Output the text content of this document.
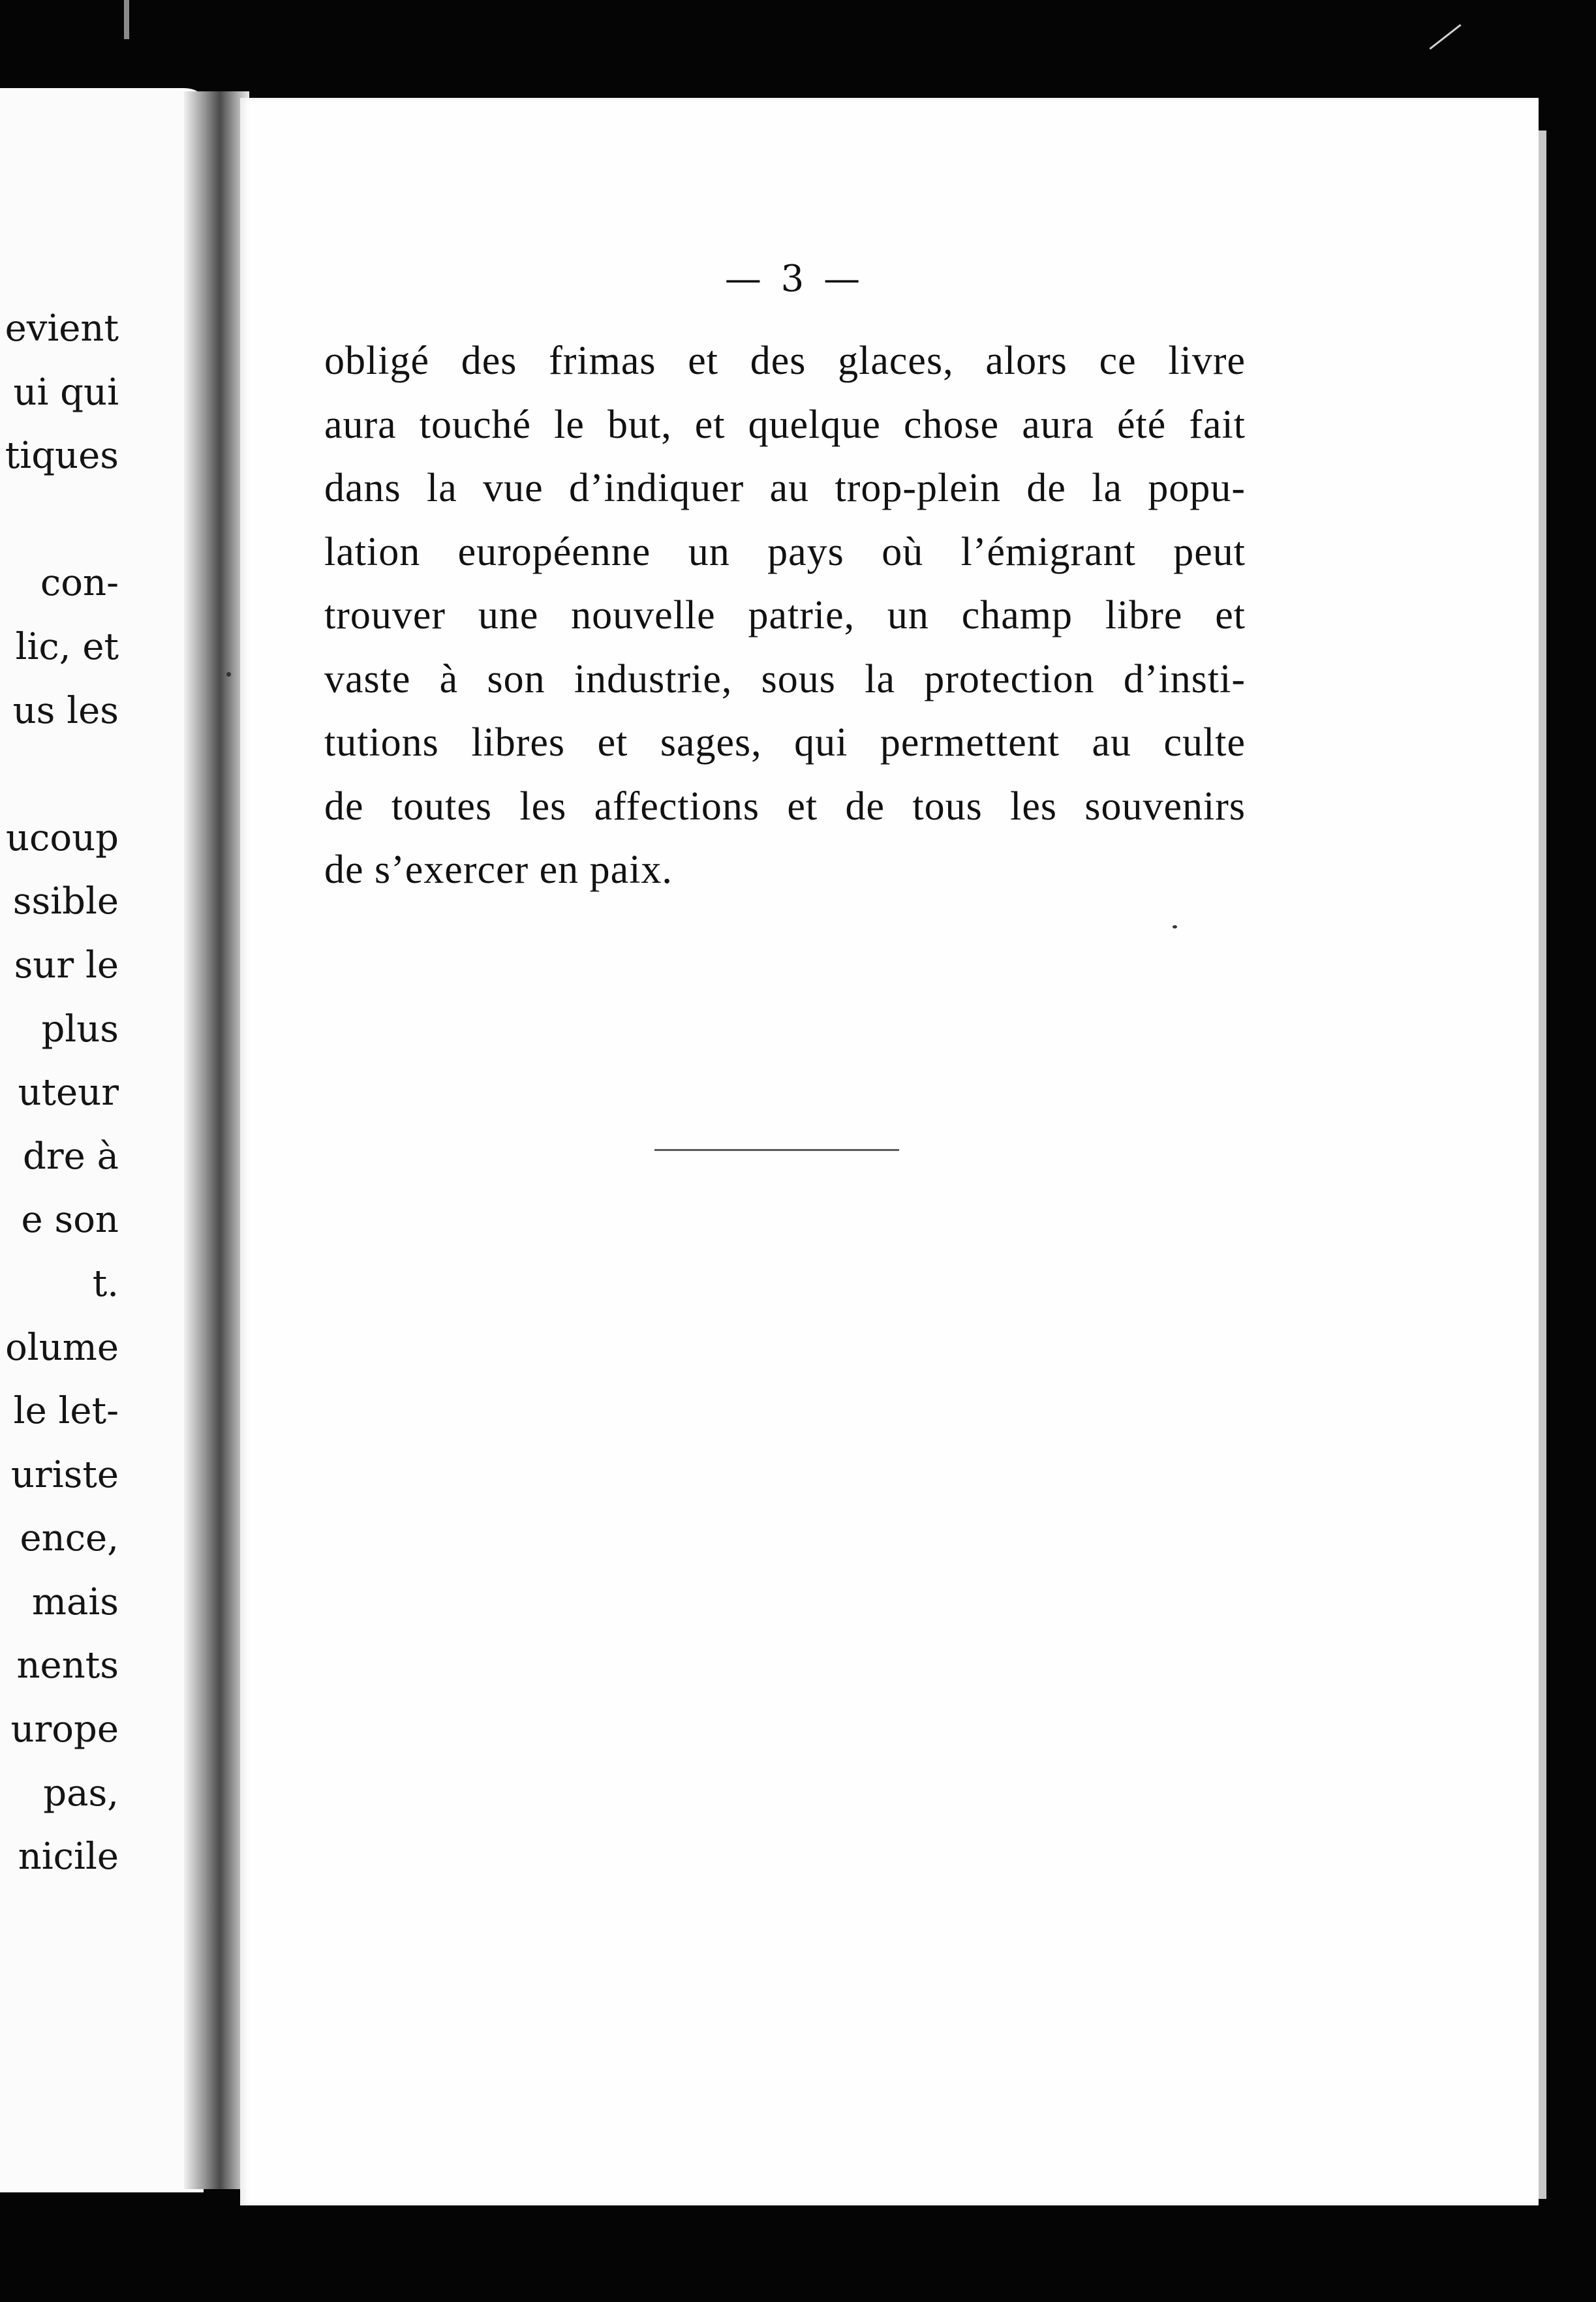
evient
ui qui
tiques
con-
lic, et
us les
ucoup
ssible
sur le
plus
uteur
dre à
e son
t.
olume
le let-
uriste
ence,
mais
nents
urope
pas,
nicile
— 3 —
obligé des frimas et des glaces, alors ce livre
aura touché le but, et quelque chose aura été fait
dans la vue d’indiquer au trop-plein de la popu-
lation européenne un pays où l’émigrant peut
trouver une nouvelle patrie, un champ libre et
vaste à son industrie, sous la protection d’insti-
tutions libres et sages, qui permettent au culte
de toutes les affections et de tous les souvenirs
de s’exercer en paix.
